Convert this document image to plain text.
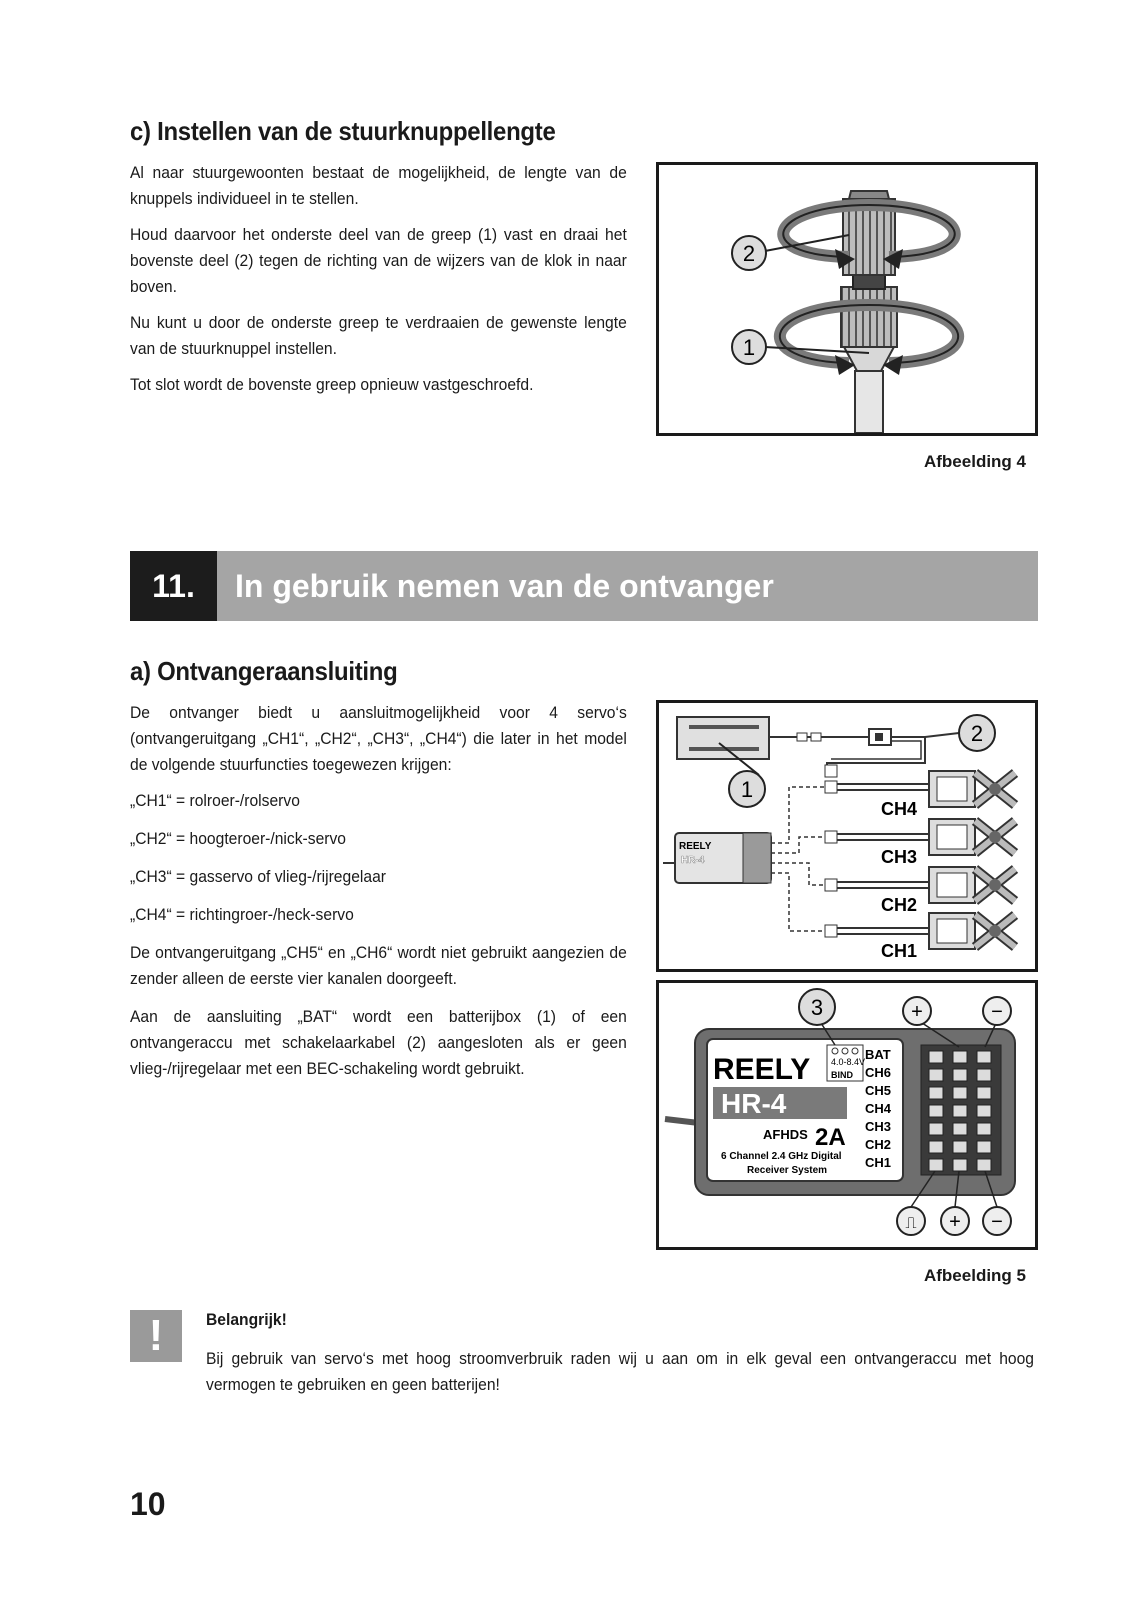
c) Instellen van de stuurknuppellengte

Al naar stuurgewoonten bestaat de mogelijkheid, de lengte van de knuppels individueel in te stellen.

Houd daarvoor het onderste deel van de greep (1) vast en draai het bovenste deel (2) tegen de richting van de wijzers van de klok in naar boven.

Nu kunt u door de onderste greep te verdraaien de gewenste lengte van de stuurknuppel instellen.

Tot slot wordt de bovenste greep opnieuw vastgeschroefd.

2
1
Afbeelding 4
11.	In gebruik nemen van de ontvanger
a) Ontvangeraansluiting

De ontvanger biedt u aansluitmogelijkheid voor 4 servo‘s (ontvangeruitgang „CH1“, „CH2“, „CH3“, „CH4“) die later in het model de volgende stuurfuncties toegewezen krijgen:

„CH1“ = rolroer-/rolservo

„CH2“ = hoogteroer-/nick-servo

„CH3“ = gasservo of vlieg-/rijregelaar

„CH4“ = richtingroer-/heck-servo

De ontvangeruitgang „CH5“ en „CH6“ wordt niet gebruikt aangezien de zender alleen de eerste vier kanalen doorgeeft.

Aan de aansluiting „BAT“ wordt een batterijbox (1) of een ontvangeraccu met schakelaarkabel (2) aangesloten als er geen vlieg-/rijregelaar met een BEC-schakeling wordt gebruikt.

REELY
HR-4
CH4
CH3
CH2
CH1
1
2
REELY
HR-4
AFHDS 2A
6 Channel 2.4 GHz Digital
Receiver System
4.0-8.4V
BIND
BAT
CH6
CH5
CH4
CH3
CH2
CH1
3	+	−
⎍ + −
Afbeelding 5
!	Belangrijk!

Bij gebruik van servo‘s met hoog stroomverbruik raden wij u aan om in elk geval een ontvangeraccu met hoog vermogen te gebruiken en geen batterijen!

10
